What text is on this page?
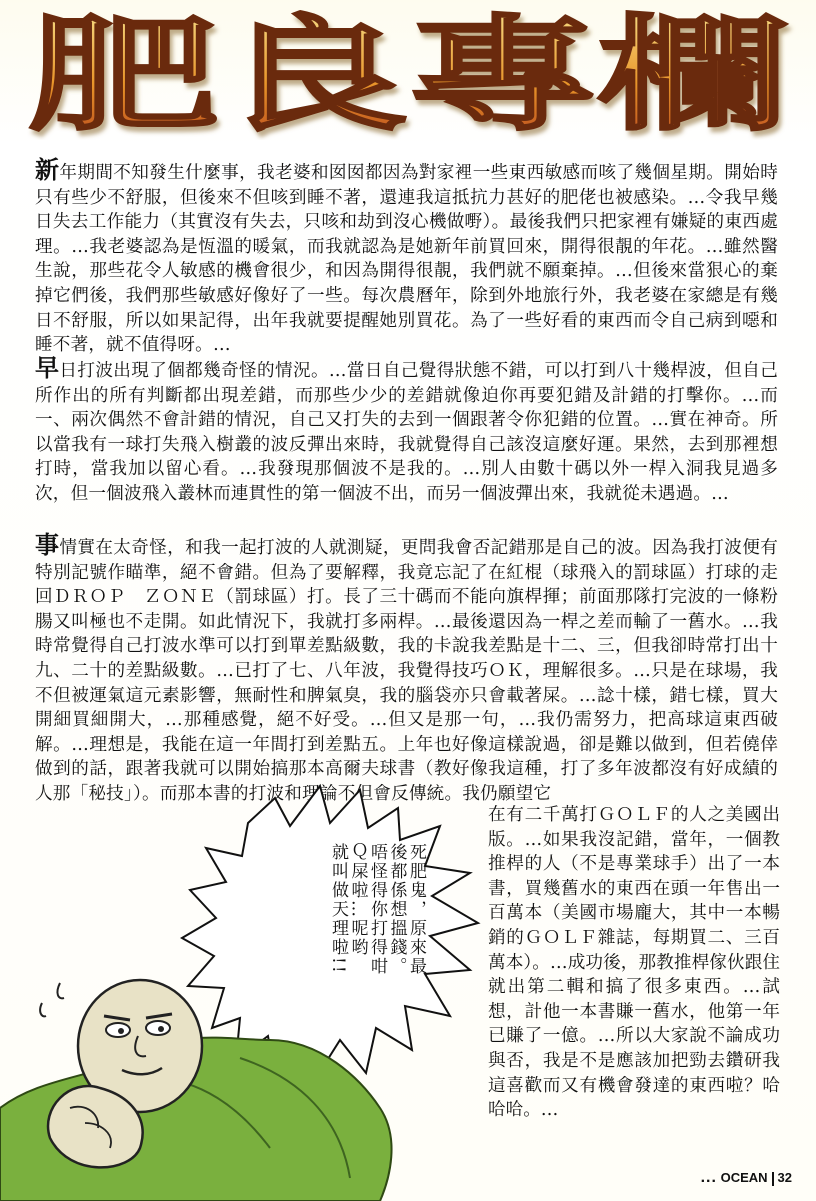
肥良專欄
新年期間不知發生什麼事，我老婆和囡囡都因為對家裡一些東西敏感而咳了幾個星期。開始時只有些少不舒服，但後來不但咳到睡不著，還連我這抵抗力甚好的肥佬也被感染。…令我早幾日失去工作能力（其實沒有失去，只咳和劫到沒心機做嘢）。最後我們只把家裡有嫌疑的東西處理。…我老婆認為是恆溫的暖氣，而我就認為是她新年前買回來，開得很靚的年花。…雖然醫生說，那些花令人敏感的機會很少，和因為開得很靚，我們就不願棄掉。…但後來當狠心的棄掉它們後，我們那些敏感好像好了一些。每次農曆年，除到外地旅行外，我老婆在家總是有幾日不舒服，所以如果記得，出年我就要提醒她別買花。為了一些好看的東西而令自己病到噁和睡不著，就不值得呀。…
早日打波出現了個都幾奇怪的情況。…當日自己覺得狀態不錯，可以打到八十幾桿波，但自己所作出的所有判斷都出現差錯，而那些少少的差錯就像迫你再要犯錯及計錯的打擊你。…而一、兩次偶然不會計錯的情況，自己又打失的去到一個跟著令你犯錯的位置。…實在神奇。所以當我有一球打失飛入樹叢的波反彈出來時，我就覺得自己該沒這麼好運。果然，去到那裡想打時，當我加以留心看。…我發現那個波不是我的。…別人由數十碼以外一桿入洞我見過多次，但一個波飛入叢林而連貫性的第一個波不出，而另一個波彈出來，我就從未遇過。…
事情實在太奇怪，和我一起打波的人就測疑，更問我會否記錯那是自己的波。因為我打波便有特別記號作瞄準，絕不會錯。但為了要解釋，我竟忘記了在紅棍（球飛入的罰球區）打球的走回ＤＲＯＰ　ＺＯＮＥ（罰球區）打。長了三十碼而不能向旗桿揮；前面那隊打完波的一條粉腸又叫極也不走開。如此情況下，我就打多兩桿。…最後還因為一桿之差而輸了一舊水。…我時常覺得自己打波水準可以打到單差點級數，我的卡說我差點是十二、三，但我卻時常打出十九、二十的差點級數。…已打了七、八年波，我覺得技巧ＯＫ，理解很多。…只是在球場，我不但被運氣這元素影響，無耐性和脾氣臭，我的腦袋亦只會載著屎。…諗十樣，錯七樣，買大開細買細開大，…那種感覺，絕不好受。…但又是那一句，…我仍需努力，把高球這東西破解。…理想是，我能在這一年間打到差點五。上年也好像這樣說過，卻是難以做到，但若僥倖做到的話，跟著我就可以開始搞那本高爾夫球書（教好像我這種，打了多年波都沒有好成績的人那「秘技」）。而那本書的打波和理論不但會反傳統。我仍願望它
在有二千萬打ＧＯＬＦ的人之美國出版。…如果我沒記錯，當年，一個教推桿的人（不是專業球手）出了一本書，買幾舊水的東西在頭一年售出一百萬本（美國市場龐大，其中一本暢銷的ＧＯＬＦ雜誌，每期買二、三百萬本）。…成功後，那教推桿傢伙跟住就出第二輯和搞了很多東西。…試想，計他一本書賺一舊水，他第一年已賺了一億。…所以大家說不論成功與否，我是不是應該加把勁去鑽研我這喜歡而又有機會發達的東西啦？哈哈哈。…
死肥鬼，原來最
後都係想搵錢。
唔怪得你打得咁
Ｑ屎啦…呢哟
就叫做天理啦!!
... OCEAN 32
